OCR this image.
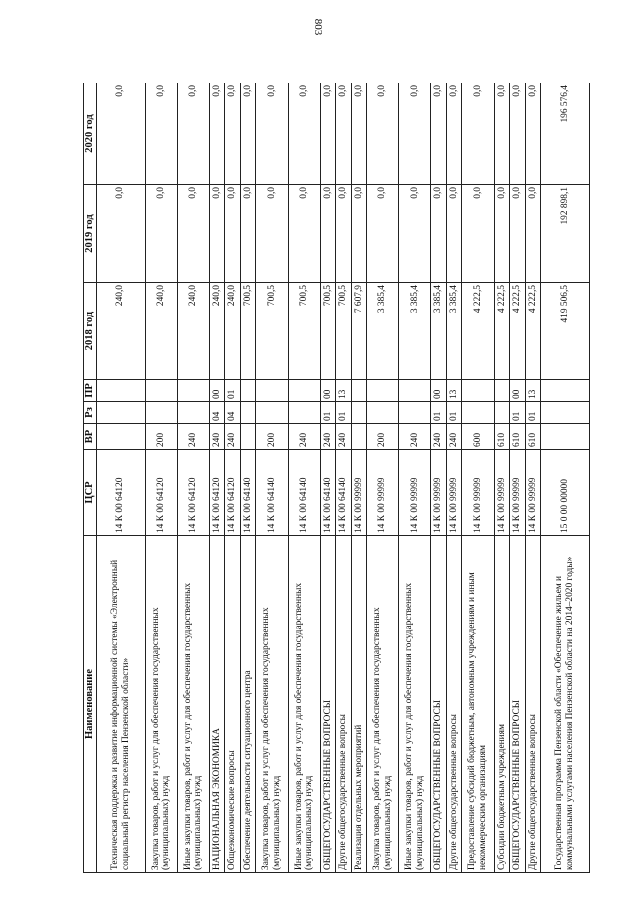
803
Наименование	ЦСР	ВР	Рз	ПР	2018 год	2019 год	2020 год
Техническая поддержка и развитие информационной системы «Электронный социальный регистр населения Пензенской области»	14 К 00 64120				240,0	0,0	0,0
Закупка товаров, работ и услуг для обеспечения государственных (муниципальных) нужд	14 К 00 64120	200			240,0	0,0	0,0
Иные закупки товаров, работ и услуг для обеспечения государственных (муниципальных) нужд	14 К 00 64120	240			240,0	0,0	0,0
НАЦИОНАЛЬНАЯ ЭКОНОМИКА	14 К 00 64120	240	04	00	240,0	0,0	0,0
Общеэкономические вопросы	14 К 00 64120	240	04	01	240,0	0,0	0,0
Обеспечение деятельности ситуационного центра	14 К 00 64140				700,5	0,0	0,0
Закупка товаров, работ и услуг для обеспечения государственных (муниципальных) нужд	14 К 00 64140	200			700,5	0,0	0,0
Иные закупки товаров, работ и услуг для обеспечения государственных (муниципальных) нужд	14 К 00 64140	240			700,5	0,0	0,0
ОБЩЕГОСУДАРСТВЕННЫЕ ВОПРОСЫ	14 К 00 64140	240	01	00	700,5	0,0	0,0
Другие общегосударственные вопросы	14 К 00 64140	240	01	13	700,5	0,0	0,0
Реализация отдельных мероприятий	14 К 00 99999				7 607,9	0,0	0,0
Закупка товаров, работ и услуг для обеспечения государственных (муниципальных) нужд	14 К 00 99999	200			3 385,4	0,0	0,0
Иные закупки товаров, работ и услуг для обеспечения государственных (муниципальных) нужд	14 К 00 99999	240			3 385,4	0,0	0,0
ОБЩЕГОСУДАРСТВЕННЫЕ ВОПРОСЫ	14 К 00 99999	240	01	00	3 385,4	0,0	0,0
Другие общегосударственные вопросы	14 К 00 99999	240	01	13	3 385,4	0,0	0,0
Предоставление субсидий бюджетным, автономным учреждениям и иным некоммерческим организациям	14 К 00 99999	600			4 222,5	0,0	0,0
Субсидии бюджетным учреждениям	14 К 00 99999	610			4 222,5	0,0	0,0
ОБЩЕГОСУДАРСТВЕННЫЕ ВОПРОСЫ	14 К 00 99999	610	01	00	4 222,5	0,0	0,0
Другие общегосударственные вопросы	14 К 00 99999	610	01	13	4 222,5	0,0	0,0
Государственная программа Пензенской области «Обеспечение жильем и коммунальными услугами населения Пензенской области на 2014–2020 годы»	15 0 00 00000				419 506,5	192 898,1	196 576,4
